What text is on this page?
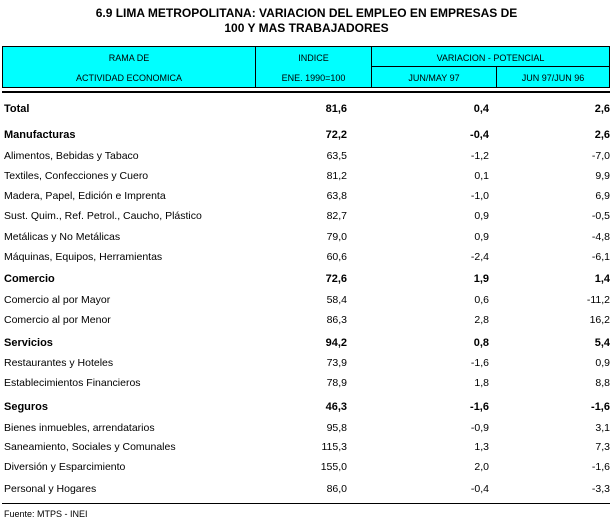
6.9 LIMA METROPOLITANA: VARIACION DEL EMPLEO EN EMPRESAS DE
100 Y MAS TRABAJADORES
RAMA DE
ACTIVIDAD ECONOMICA
INDICE
ENE. 1990=100
VARIACION - POTENCIAL
JUN/MAY 97	JUN 97/JUN 96
Total	81,6	0,4	2,6
Manufacturas	72,2	-0,4	2,6
Alimentos, Bebidas y Tabaco	63,5	-1,2	-7,0
Textiles, Confecciones y Cuero	81,2	0,1	9,9
Madera, Papel, Edición e Imprenta	63,8	-1,0	6,9
Sust. Quim., Ref. Petrol., Caucho, Plástico	82,7	0,9	-0,5
Metálicas y No Metálicas	79,0	0,9	-4,8
Máquinas, Equipos, Herramientas	60,6	-2,4	-6,1
Comercio	72,6	1,9	1,4
Comercio al por Mayor	58,4	0,6	-11,2
Comercio al por Menor	86,3	2,8	16,2
Servicios	94,2	0,8	5,4
Restaurantes y Hoteles	73,9	-1,6	0,9
Establecimientos Financieros	78,9	1,8	8,8
Seguros	46,3	-1,6	-1,6
Bienes inmuebles, arrendatarios	95,8	-0,9	3,1
Saneamiento, Sociales y Comunales	115,3	1,3	7,3
Diversión y Esparcimiento	155,0	2,0	-1,6
Personal y Hogares	86,0	-0,4	-3,3
Fuente: MTPS - INEI
